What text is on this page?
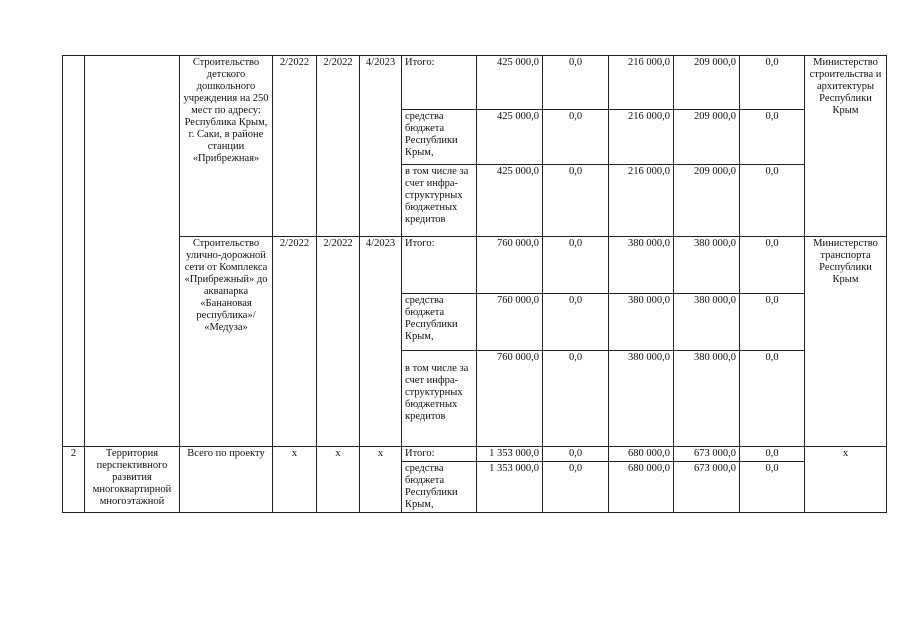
		Строительство детского дошкольного учреждения на 250 мест по адресу: Республика Крым, г. Саки, в районе станции «Прибрежная»	2/2022	2/2022	4/2023	Итого:	425 000,0	0,0	216 000,0	209 000,0	0,0	Министерство строительства и архитектуры Республики Крым
						средства бюджета Республики Крым,	425 000,0	0,0	216 000,0	209 000,0	0,0	
						в том числе за счет инфра-структурных бюджетных кредитов	425 000,0	0,0	216 000,0	209 000,0	0,0	
		Строительство улично-дорожной сети от Комплекса «Прибрежный» до аквапарка «Банановая республика»/ «Медуза»	2/2022	2/2022	4/2023	Итого:	760 000,0	0,0	380 000,0	380 000,0	0,0	Министерство транспорта Республики Крым
						средства бюджета Республики Крым,	760 000,0	0,0	380 000,0	380 000,0	0,0	
						в том числе за счет инфра-структурных бюджетных кредитов	760 000,0	0,0	380 000,0	380 000,0	0,0	
2	Территория перспективного развития многоквартирной многоэтажной	Всего по проекту	x	x	x	Итого:	1 353 000,0	0,0	680 000,0	673 000,0	0,0	x
						средства бюджета Республики Крым,	1 353 000,0	0,0	680 000,0	673 000,0	0,0	
